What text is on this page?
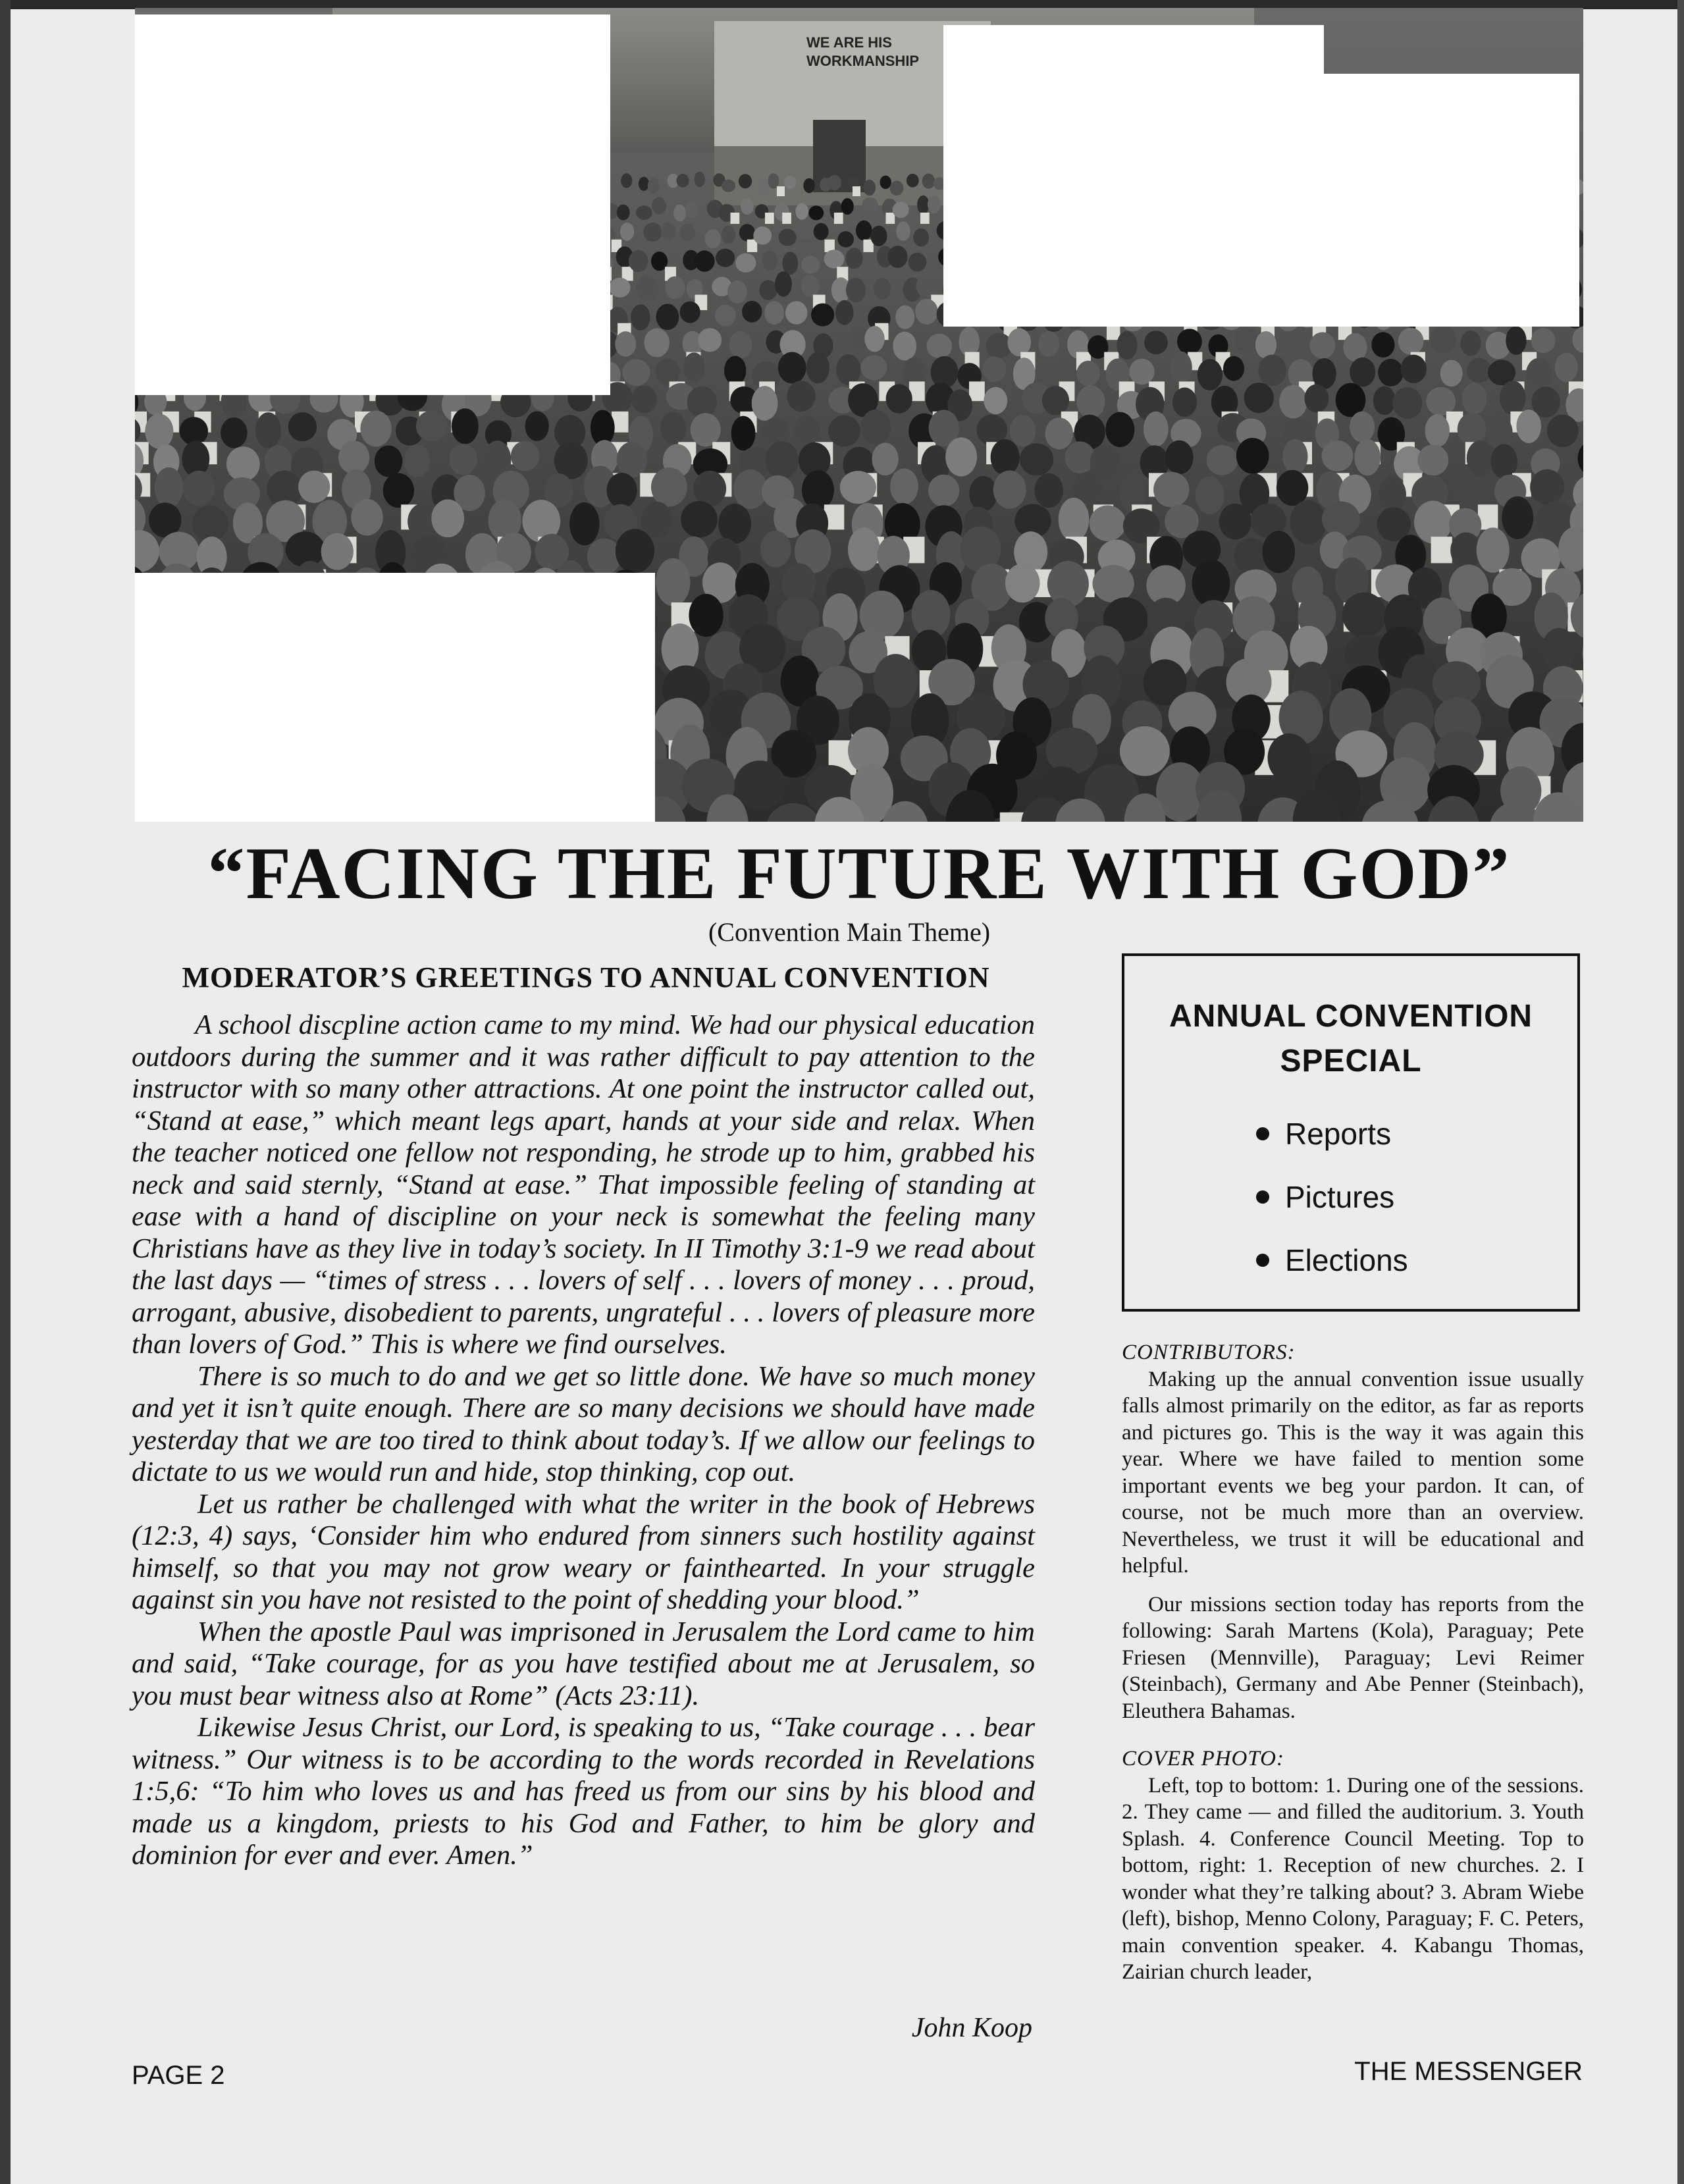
WE ARE HIS
WORKMANSHIP
“FACING THE FUTURE WITH GOD”
(Convention Main Theme)
MODERATOR’S GREETINGS TO ANNUAL CONVENTION

A school discpline action came to my mind. We had our physical education outdoors during the summer and it was rather difficult to pay attention to the instructor with so many other attractions. At one point the instructor called out, “Stand at ease,” which meant legs apart, hands at your side and relax. When the teacher noticed one fellow not responding, he strode up to him, grabbed his neck and said sternly, “Stand at ease.” That impossible feeling of standing at ease with a hand of discipline on your neck is somewhat the feeling many Christians have as they live in today’s society. In II Timothy 3:1-9 we read about the last days — “times of stress . . . lovers of self . . . lovers of money . . . proud, arrogant, abusive, disobedient to parents, ungrateful . . . lovers of pleasure more than lovers of God.” This is where we find ourselves.

There is so much to do and we get so little done. We have so much money and yet it isn’t quite enough. There are so many decisions we should have made yesterday that we are too tired to think about today’s. If we allow our feelings to dictate to us we would run and hide, stop thinking, cop out.

Let us rather be challenged with what the writer in the book of Hebrews (12:3, 4) says, ‘Consider him who endured from sinners such hostility against himself, so that you may not grow weary or fainthearted. In your struggle against sin you have not resisted to the point of shedding your blood.”

When the apostle Paul was imprisoned in Jerusalem the Lord came to him and said, “Take courage, for as you have testified about me at Jerusalem, so you must bear witness also at Rome” (Acts 23:11).

Likewise Jesus Christ, our Lord, is speaking to us, “Take courage . . . bear witness.” Our witness is to be according to the words recorded in Revelations 1:5,6: “To him who loves us and has freed us from our sins by his blood and made us a kingdom, priests to his God and Father, to him be glory and dominion for ever and ever. Amen.”

John Koop
ANNUAL CONVENTION
SPECIAL
Reports
Pictures
Elections
CONTRIBUTORS:

Making up the annual convention issue usually falls almost primarily on the editor, as far as reports and pictures go. This is the way it was again this year. Where we have failed to mention some important events we beg your pardon. It can, of course, not be much more than an overview. Nevertheless, we trust it will be educational and helpful.

Our missions section today has reports from the following: Sarah Martens (Kola), Paraguay; Pete Friesen (Mennville), Paraguay; Levi Reimer (Steinbach), Germany and Abe Penner (Steinbach), Eleuthera Bahamas.

COVER PHOTO:

Left, top to bottom: 1. During one of the sessions. 2. They came — and filled the auditorium. 3. Youth Splash. 4. Conference Council Meeting. Top to bottom, right: 1. Reception of new churches. 2. I wonder what they’re talking about? 3. Abram Wiebe (left), bishop, Menno Colony, Paraguay; F. C. Peters, main convention speaker. 4. Kabangu Thomas, Zairian church leader,

PAGE 2	THE MESSENGER
